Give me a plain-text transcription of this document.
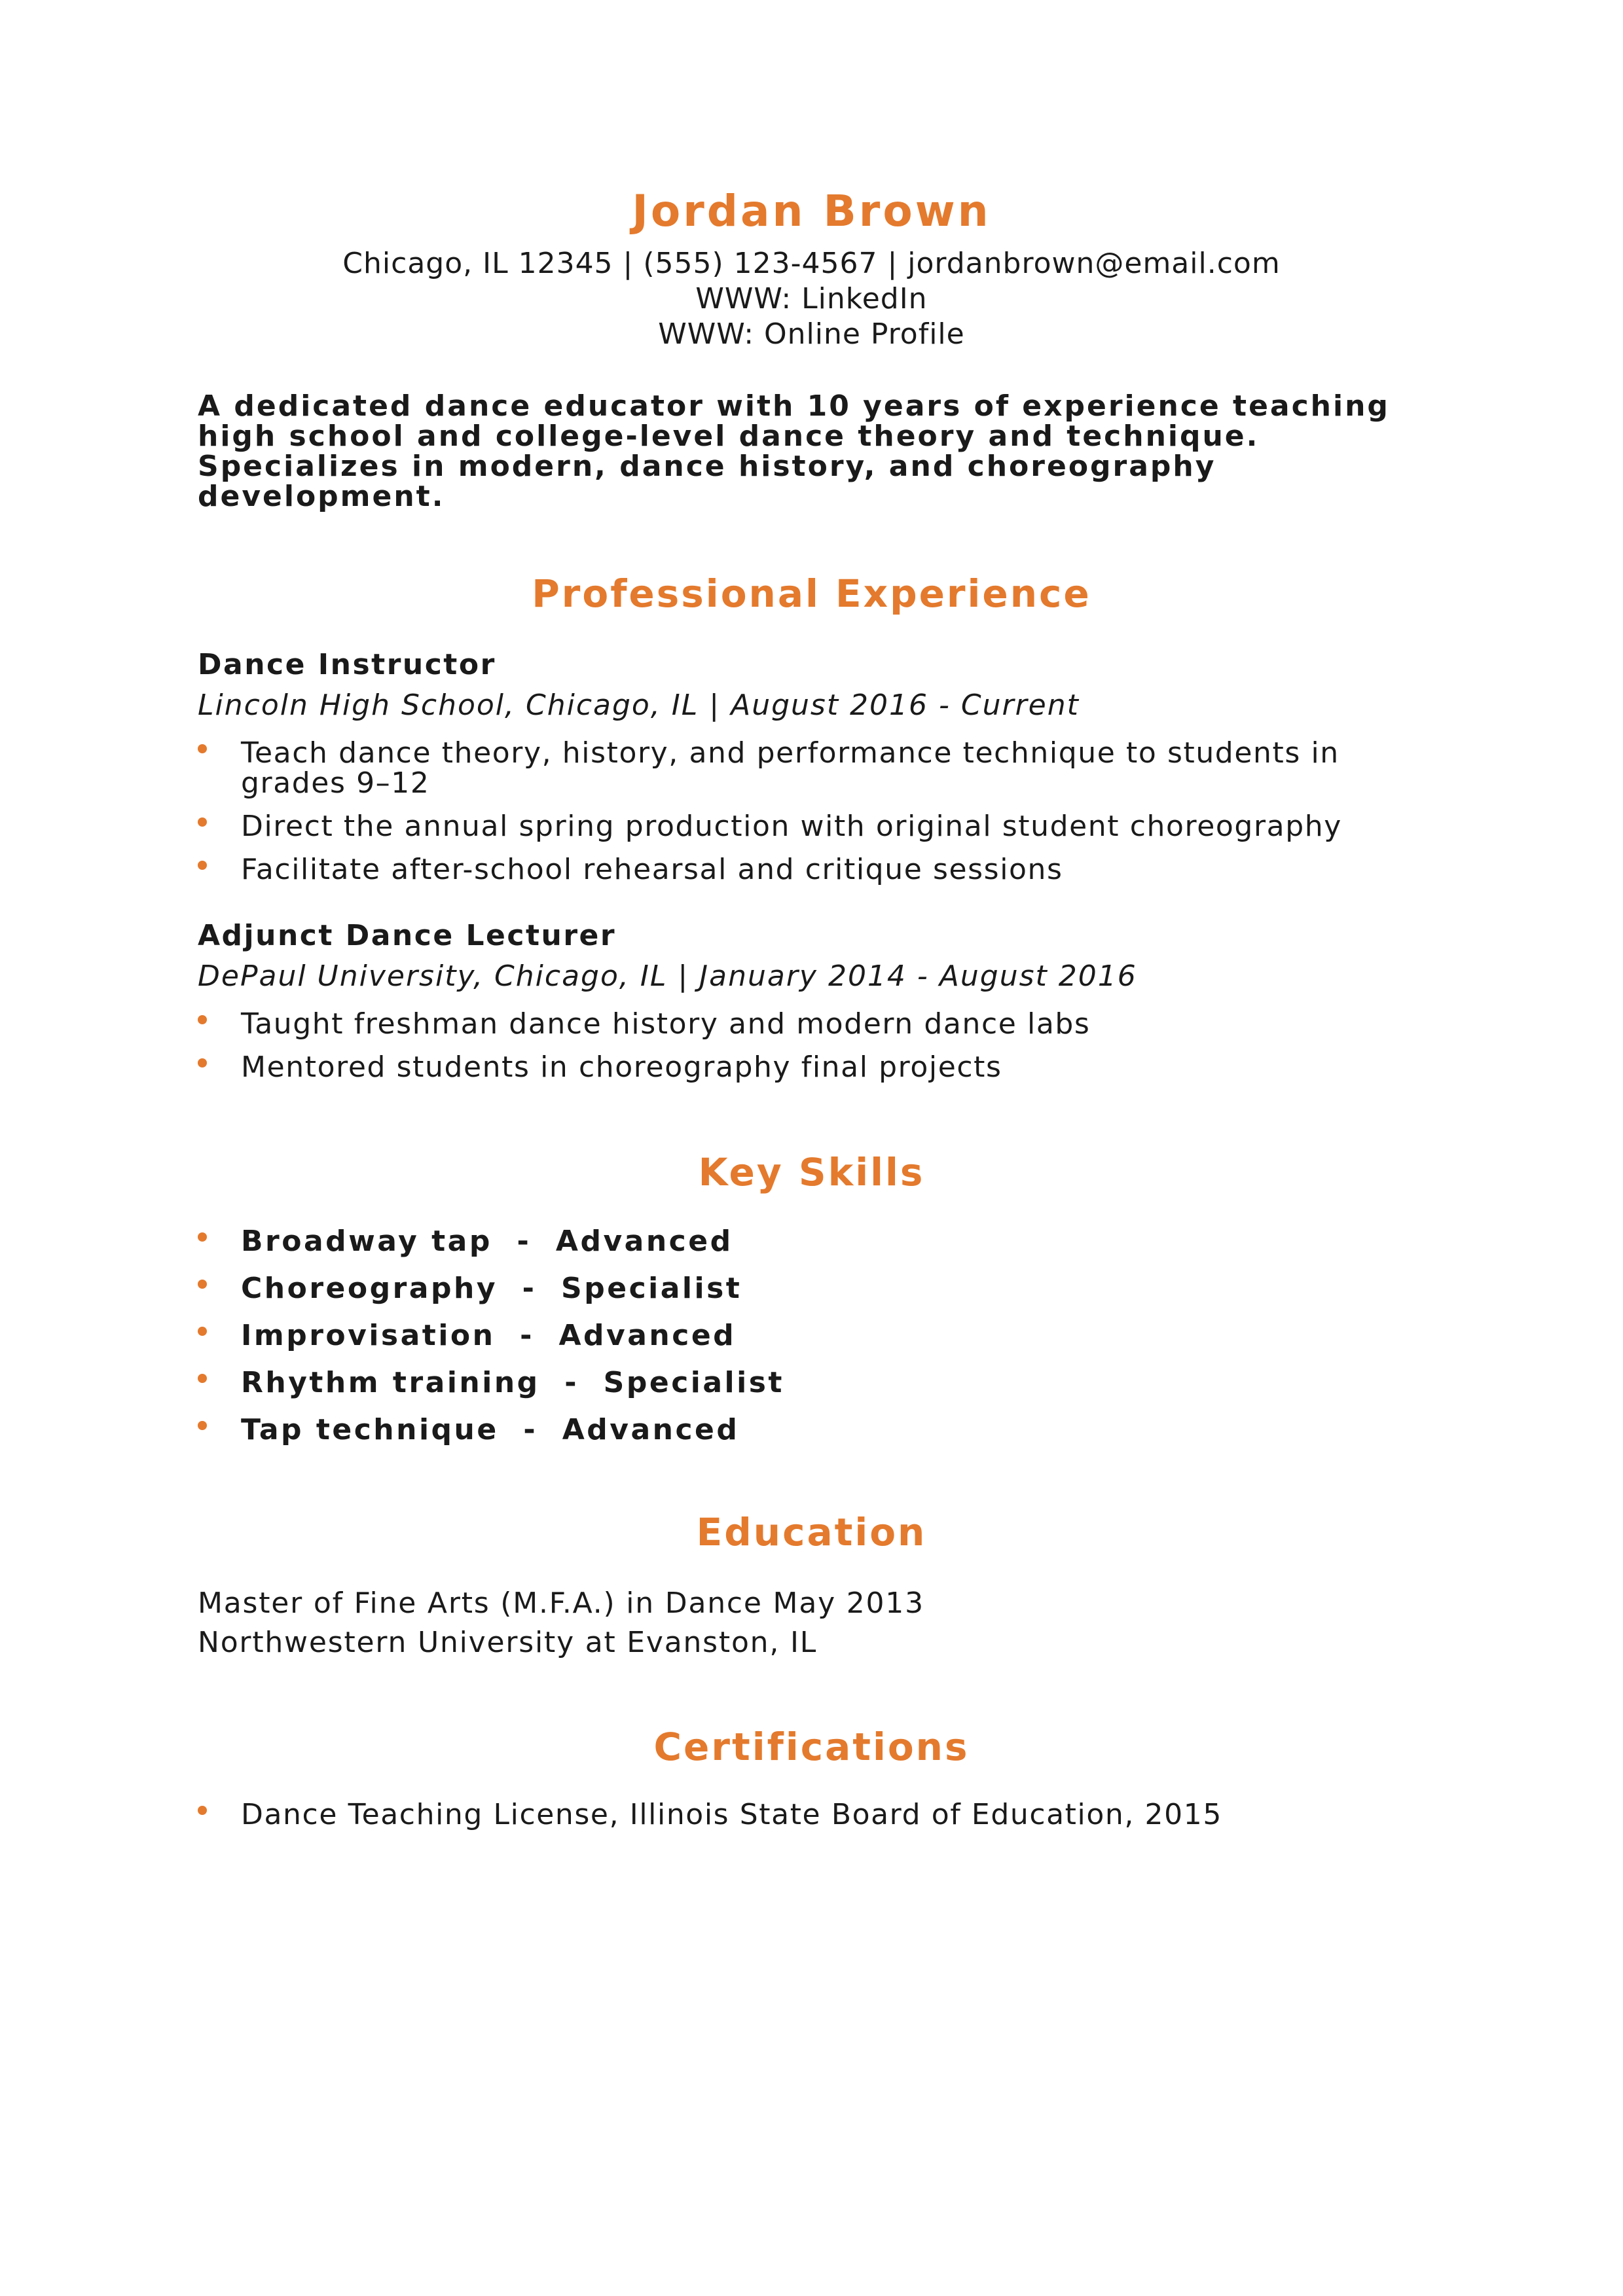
Jordan Brown
Chicago, IL 12345 | (555) 123-4567 | jordanbrown@email.com
WWW: LinkedIn
WWW: Online Profile
A dedicated dance educator with 10 years of experience teaching high school and college-level dance theory and technique. Specializes in modern, dance history, and choreography development.
Professional Experience
Dance Instructor
Lincoln High School, Chicago, IL | August 2016 - Current
Teach dance theory, history, and performance technique to students in grades 9–12
Direct the annual spring production with original student choreography
Facilitate after-school rehearsal and critique sessions
Adjunct Dance Lecturer
DePaul University, Chicago, IL | January 2014 - August 2016
Taught freshman dance history and modern dance labs
Mentored students in choreography final projects
Key Skills
Broadway tap  -  Advanced
Choreography  -  Specialist
Improvisation  -  Advanced
Rhythm training  -  Specialist
Tap technique  -  Advanced
Education
Master of Fine Arts (M.F.A.) in Dance May 2013
Northwestern University at Evanston, IL
Certifications
Dance Teaching License, Illinois State Board of Education, 2015
